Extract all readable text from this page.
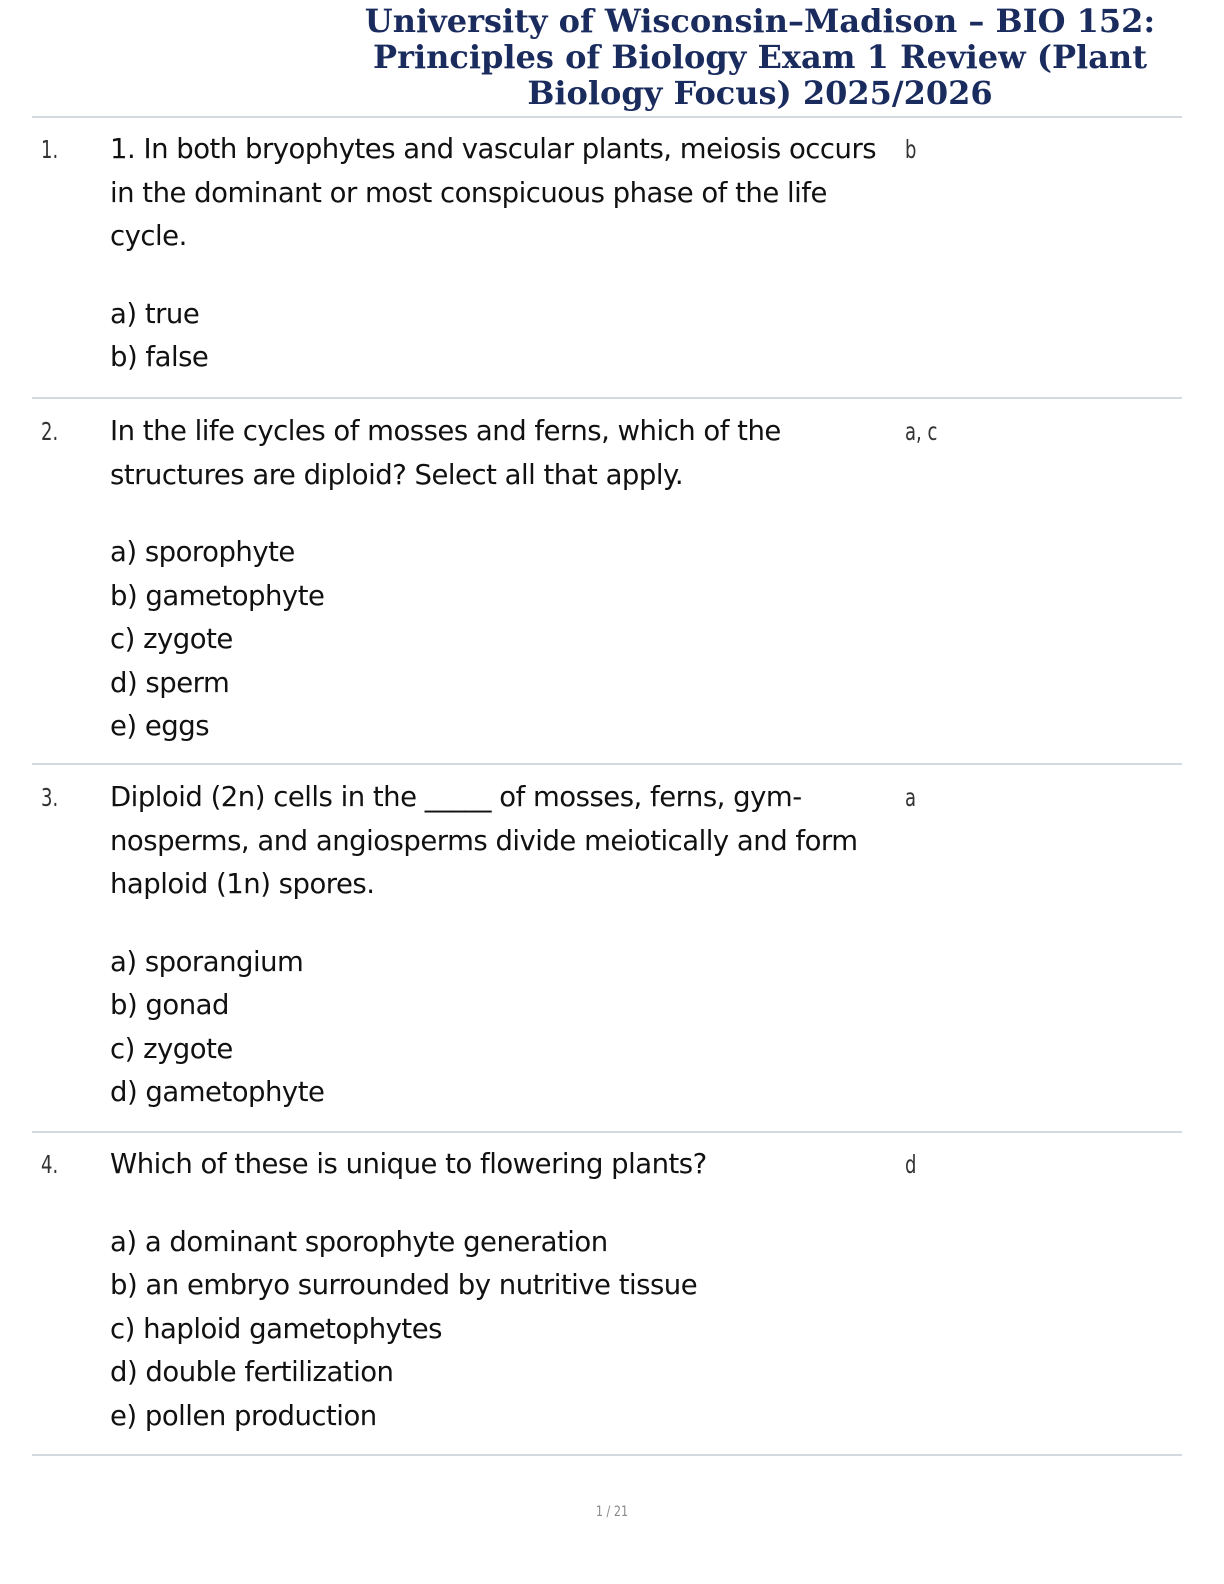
University of Wisconsin–Madison – BIO 152: Principles of Biology Exam 1 Review (Plant Biology Focus) 2025/2026
1. 1. In both bryophytes and vascular plants, meiosis occurs in the dominant or most conspicuous phase of the life cycle.

a) true
b) false
b
2. In the life cycles of mosses and ferns, which of the structures are diploid? Select all that apply.

a) sporophyte
b) gametophyte
c) zygote
d) sperm
e) eggs
a, c
3. Diploid (2n) cells in the _____ of mosses, ferns, gym-nosperms, and angiosperms divide meiotically and form haploid (1n) spores.

a) sporangium
b) gonad
c) zygote
d) gametophyte
a
4. Which of these is unique to flowering plants?

a) a dominant sporophyte generation
b) an embryo surrounded by nutritive tissue
c) haploid gametophytes
d) double fertilization
e) pollen production
d
1 / 21
